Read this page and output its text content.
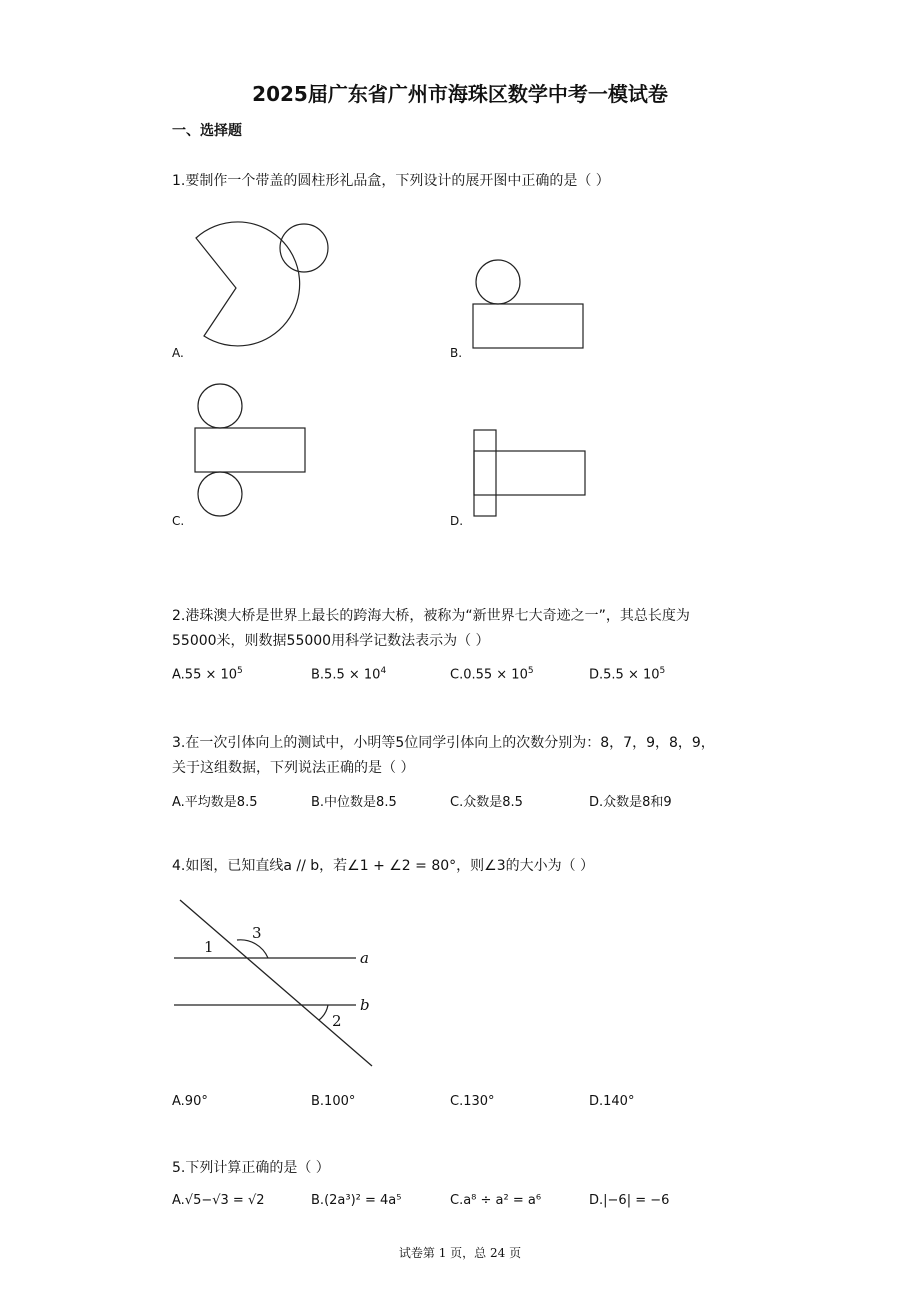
2025届广东省广州市海珠区数学中考一模试卷
一、选择题
1.要制作一个带盖的圆柱形礼品盒，下列设计的展开图中正确的是（ ）
A.	B.
C.	D.
2.港珠澳大桥是世界上最长的跨海大桥，被称为“新世界七大奇迹之一”，其总长度为
55000米，则数据55000用科学记数法表示为（ ）
$A.55 \times 10^5$	$B.5.5 \times 10^4$	$C.0.55 \times 10^5$	$D.5.5 \times 10^5$
3.在一次引体向上的测试中，小明等5位同学引体向上的次数分别为：8，7，9，8，9，
关于这组数据，下列说法正确的是（ ）
A.平均数是8.5	B.中位数是8.5	C.众数是8.5	D.众数是8和9
4.如图，已知直线a // b，若∠1 + ∠2 = 80°，则∠3的大小为（ ）
1
3
a
b
2
A.90°	B.100°	C.130°	D.140°
5.下列计算正确的是（ ）
A.√5−√3 = √2	B.(2a³)² = 4a⁵	C.a⁸ ÷ a² = a⁶	D.|−6| = −6
试卷第 1 页，总 24 页
